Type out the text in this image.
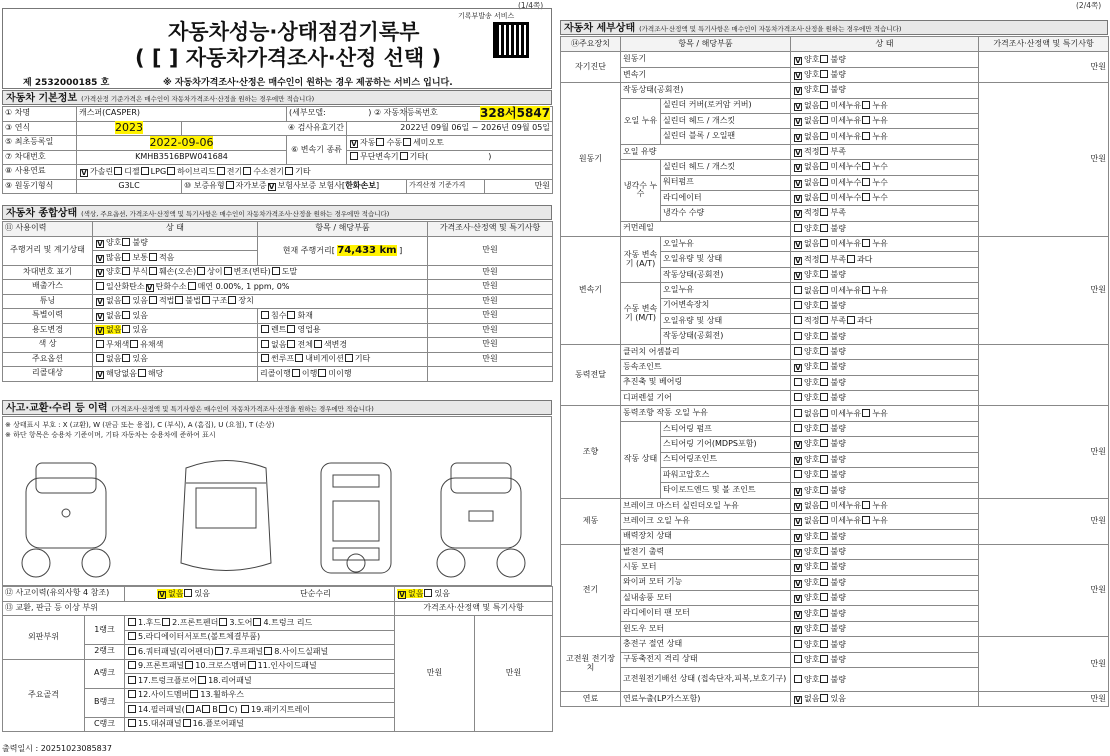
(1/4쪽)
자동차성능·상태점검기록부
( [ ] 자동차가격조사·산정 선택 )
기록부발송 서비스
제 2532000185 호	※ 자동차가격조사·산정은 매수인이 원하는 경우 제공하는 서비스 입니다.
자동차 기본정보 (가격산정 기준가격은 매수인이 자동차가격조사·산정을 원하는 경우에만 적습니다)
① 차명	캐스퍼(CASPER)		(세부모델: ) ② 자동차등록번호		328서5847	
③ 연식	2023	④ 검사유효기간		2022년 09월 06일 ~ 2026년 09월 05일		
⑤ 최초등록일	2022-09-06		⑥ 변속기 종류	V 자동 수동 세미오토		
⑦ 차대번호	KMHB3516BPW041684			무단변속기 기타( )		
⑧ 사용연료	V 가솔린 디젤 LPG 하이브리드 전기 수소전기 기타					
⑨ 원동기형식	G3LC	⑩ 보증유형 자가보증 V 보험사보증 보험사[한화손보]			가격산정 기준가격	만원
자동차 종합상태 (색상, 주요옵션, 가격조사·산정액 및 특기사항은 매수인이 자동차가격조사·산정을 원하는 경우에만 적습니다)
⑪ 사용이력	상 태	항목 / 해당부품	가격조사·산정액 및 특기사항
주행거리 및 계기상태	V 양호 불량	현재 주행거리[ 74,433 km ]	만원
	V 많음 보통 적음		
차대번호 표기	V 양호 부식 훼손(오손) 상이 변조(변타) 도말		만원
배출가스	일산화탄소 V 탄화수소 매연 0.00%, 1 ppm, 0%		만원
튜닝	V 없음 있음 적법 불법 구조 장치		만원
특별이력	V 없음 있음	침수 화재	만원
용도변경	V 없음 있음	렌트 영업용	만원
색 상	무채색 유채색	없음 전체 색변경	만원
주요옵션	없음 있음	썬루프 내비게이션 기타	만원
리콜대상	V 해당없음 해당	리콜이행 이행 미이행	
사고·교환·수리 등 이력 (가격조사·산정액 및 특기사항은 매수인이 자동차가격조사·산정을 원하는 경우에만 적습니다)
※ 상태표시 부호 : X (교환), W (판금 또는 용접), C (부식), A (흠집), U (요철), T (손상)
※ 하단 항목은 승용차 기준이며, 기타 자동차는 승용차에 준하여 표시
⑫ 사고이력(유의사항 4 참조)		V 없음 있음 단순수리	V 없음 있음	
⑬ 교환, 판금 등 이상 부위			가격조사·산정액 및 특기사항	
외판부위	1랭크	1.후드 2.프론트펜더 3.도어 4.트렁크 리드	만원	만원
		5.라디에이터서포트(볼트체결부품)		
	2랭크	6.쿼터패널(리어펜더) 7.루프패널 8.사이드실패널		
주요골격	A랭크	9.프론트패널 10.크로스멤버 11.인사이드패널		
		17.트렁크플로어 18.리어패널		
	B랭크	12.사이드멤버 13.휠하우스		
		14.필러패널( A B C) 19.패키지트레이		
	C랭크	15.대쉬패널 16.플로어패널		
출력일시 : 20251023085837
(2/4쪽)
자동차 세부상태 (가격조사·산정액 및 특기사항은 매수인이 자동차가격조사·산정을 원하는 경우에만 적습니다)
⑭주요장치	항목 / 해당부품		상 태	가격조사·산정액 및 특기사항
자기진단	원동기		V 양호 불량	만원
	변속기		V 양호 불량	
원동기	작동상태(공회전)		V 양호 불량	만원
	오일 누유	실린더 커버(로커암 커버)	V 없음 미세누유 누유	
		실린더 헤드 / 개스킷	V 없음 미세누유 누유	
		실린더 블록 / 오일팬	V 없음 미세누유 누유	
	오일 유량		V 적정 부족	
	냉각수 누수	실린더 헤드 / 개스킷	V 없음 미세누수 누수	
		워터펌프	V 없음 미세누수 누수	
		라디에이터	V 없음 미세누수 누수	
		냉각수 수량	V 적정 부족	
	커먼레일		양호 불량	
변속기	자동 변속기 (A/T)	오일누유	V 없음 미세누유 누유	만원
		오일유량 및 상태	V 적정 부족 과다	
		작동상태(공회전)	V 양호 불량	
	수동 변속기 (M/T)	오일누유	없음 미세누유 누유	
		기어변속장치	양호 불량	
		오일유량 및 상태	적정 부족 과다	
		작동상태(공회전)	양호 불량	
동력전달	클러치 어셈블리		양호 불량	
	등속조인트		V 양호 불량	
	추진축 및 베어링		양호 불량	
	디퍼렌셜 기어		양호 불량	
조향	동력조향 작동 오일 누유		없음 미세누유 누유	만원
	작동 상태	스티어링 펌프	양호 불량	
		스티어링 기어(MDPS포함)	V 양호 불량	
		스티어링조인트	V 양호 불량	
		파워고압호스	양호 불량	
		타이로드엔드 및 볼 조인트	V 양호 불량	
제동	브레이크 마스터 실린더오일 누유		V 없음 미세누유 누유	만원
	브레이크 오일 누유		V 없음 미세누유 누유	
	배력장치 상태		V 양호 불량	
전기	발전기 출력		V 양호 불량	만원
	시동 모터		V 양호 불량	
	와이퍼 모터 기능		V 양호 불량	
	실내송풍 모터		V 양호 불량	
	라디에이터 팬 모터		V 양호 불량	
	윈도우 모터		V 양호 불량	
고전원 전기장치	충전구 절연 상태		양호 불량	만원
	구동축전지 격리 상태		양호 불량	
	고전원전기배선 상태 (접속단자,피복,보호기구)		양호 불량	
연료	연료누출(LP가스포함)		V 없음 있음	만원
